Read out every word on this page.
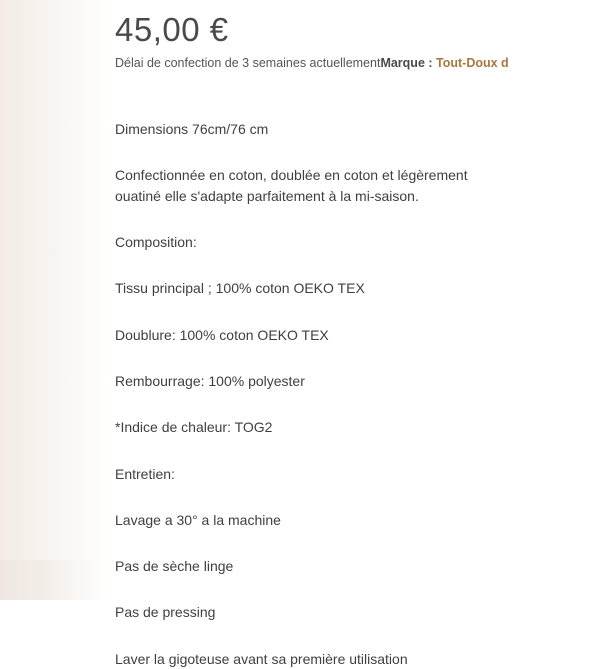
45,00 €
Délai de confection de 3 semaines actuellementMarque : Tout-Doux d

Dimensions 76cm/76 cm

Confectionnée en coton, doublée en coton et légèrement ouatiné elle s'adapte parfaitement à la mi-saison.

Composition:

Tissu principal ; 100% coton OEKO TEX

Doublure: 100% coton OEKO TEX

Rembourrage: 100% polyester

*Indice de chaleur: TOG2

Entretien:

Lavage a 30° a la machine

Pas de sèche linge

Pas de pressing

Laver la gigoteuse avant sa première utilisation
